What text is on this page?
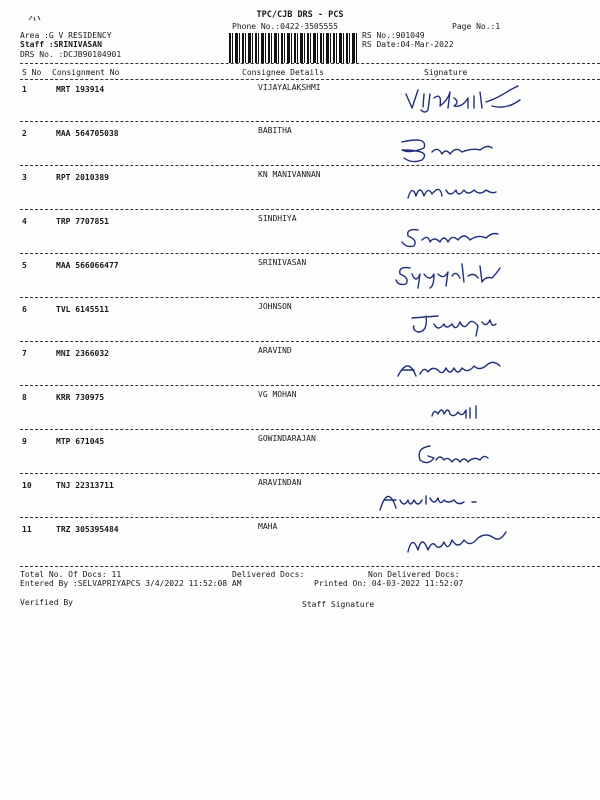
TPC/CJB DRS - PCS
Phone No.:0422-3505555	Page No.:1
Area :G V RESIDENCY
Staff :SRINIVASAN
DRS No. :DCJB90104901
RS No.:901049
RS Date:04-Mar-2022
S No Consignment No	Consignee Details	Signature
1	MRT 193914	VIJAYALAKSHMI
2	MAA 564705038	BABITHA
3	RPT 2010389	KN MANIVANNAN
4	TRP 7707851	SINDHIYA
5	MAA 566066477	SRINIVASAN
6	TVL 6145511	JOHNSON
7	MNI 2366032	ARAVIND
8	KRR 730975	VG MOHAN
9	MTP 671045	GOWINDARAJAN
10	TNJ 22313711	ARAVINDAN
11	TRZ 305395484	MAHA
Total No. Of Docs: 11	Delivered Docs:	Non Delivered Docs:
Entered By :SELVAPRIYAPCS 3/4/2022 11:52:08 AM	Printed On: 04-03-2022 11:52:07
Verified By	Staff Signature
